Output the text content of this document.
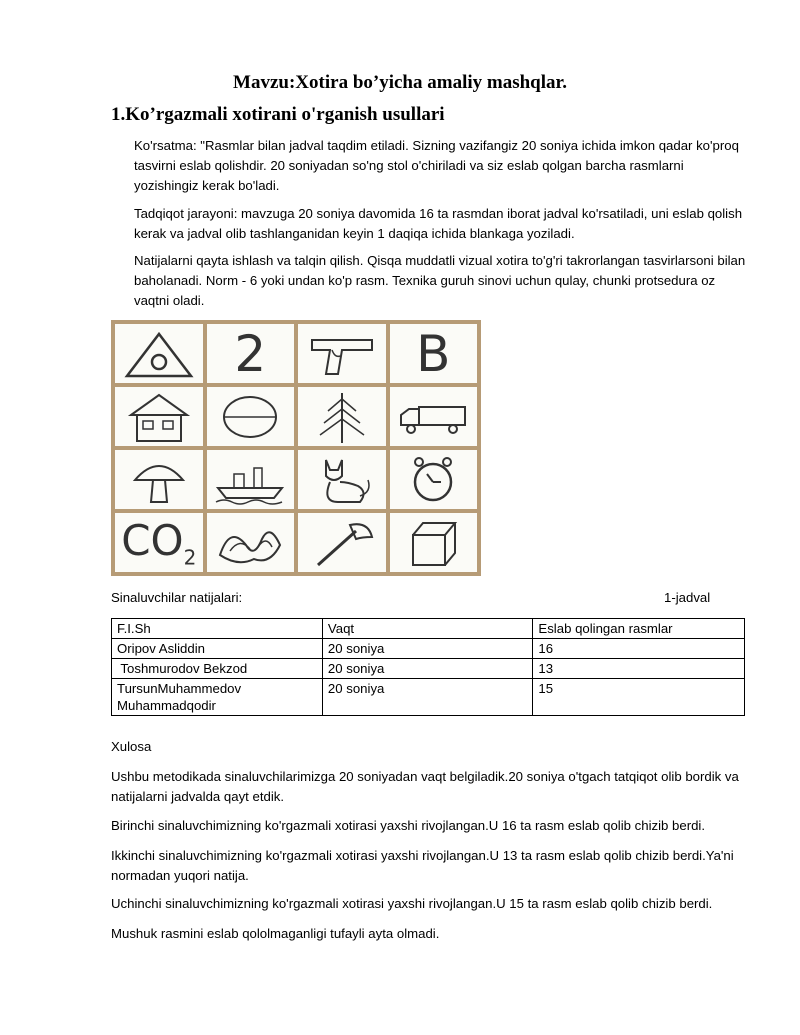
Mavzu:Xotira bo’yicha amaliy mashqlar.
1.Ko’rgazmali xotirani o'rganish usullari
Ko'rsatma: "Rasmlar bilan jadval taqdim etiladi. Sizning vazifangiz 20 soniya ichida imkon qadar ko'proq tasvirni eslab qolishdir. 20 soniyadan so'ng stol o'chiriladi va siz eslab qolgan barcha rasmlarni yozishingiz kerak bo'ladi.
Tadqiqot jarayoni: mavzuga 20 soniya davomida 16 ta rasmdan iborat jadval ko'rsatiladi, uni eslab qolish kerak va jadval olib tashlanganidan keyin 1 daqiqa ichida blankaga yoziladi.
Natijalarni qayta ishlash va talqin qilish. Qisqa muddatli vizual xotira to'g'ri takrorlangan tasvirlarsoni bilan baholanadi. Norm - 6 yoki undan ko'p rasm. Texnika guruh sinovi uchun qulay, chunki protsedura oz vaqtni oladi.
2	B
$CO_2$
Sinaluvchilar natijalari:	1-jadval
F.I.Sh	Vaqt	Eslab qolingan rasmlar
Oripov Asliddin	20 soniya	16
Toshmurodov Bekzod	20 soniya	13
TursunMuhammedov Muhammadqodir	20 soniya	15
Xulosa
Ushbu metodikada sinaluvchilarimizga 20 soniyadan vaqt belgiladik.20 soniya o'tgach tatqiqot olib bordik va natijalarni jadvalda qayt etdik.
Birinchi sinaluvchimizning ko'rgazmali xotirasi yaxshi rivojlangan.U 16 ta rasm eslab qolib chizib berdi.
Ikkinchi sinaluvchimizning ko'rgazmali xotirasi yaxshi rivojlangan.U 13 ta rasm eslab qolib chizib berdi.Ya'ni normadan yuqori natija.
Uchinchi sinaluvchimizning ko'rgazmali xotirasi yaxshi rivojlangan.U 15 ta rasm eslab qolib chizib berdi.
Mushuk rasmini eslab qololmaganligi tufayli ayta olmadi.
